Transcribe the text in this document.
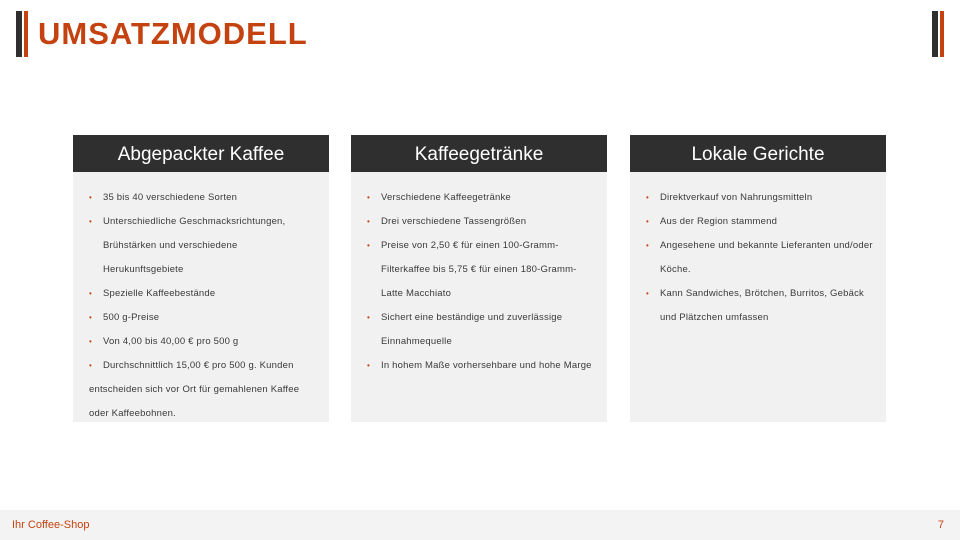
UMSATZMODELL
Abgepackter Kaffee
• 35 bis 40 verschiedene Sorten
• Unterschiedliche Geschmacksrichtungen,
Brühstärken und verschiedene
Herukunftsgebiete
• Spezielle Kaffeebestände
• 500 g-Preise
• Von 4,00 bis 40,00 € pro 500 g
• Durchschnittlich 15,00 € pro 500 g. Kunden
entscheiden sich vor Ort für gemahlenen Kaffee
oder Kaffeebohnen.
Kaffeegetränke
• Verschiedene Kaffeegetränke
• Drei verschiedene Tassengrößen
• Preise von 2,50 € für einen 100-Gramm-
Filterkaffee bis 5,75 € für einen 180-Gramm-
Latte Macchiato
• Sichert eine beständige und zuverlässige
Einnahmequelle
• In hohem Maße vorhersehbare und hohe Marge
Lokale Gerichte
• Direktverkauf von Nahrungsmitteln
• Aus der Region stammend
• Angesehene und bekannte Lieferanten und/oder
Köche.
• Kann Sandwiches, Brötchen, Burritos, Gebäck
und Plätzchen umfassen
Ihr Coffee-Shop	7
